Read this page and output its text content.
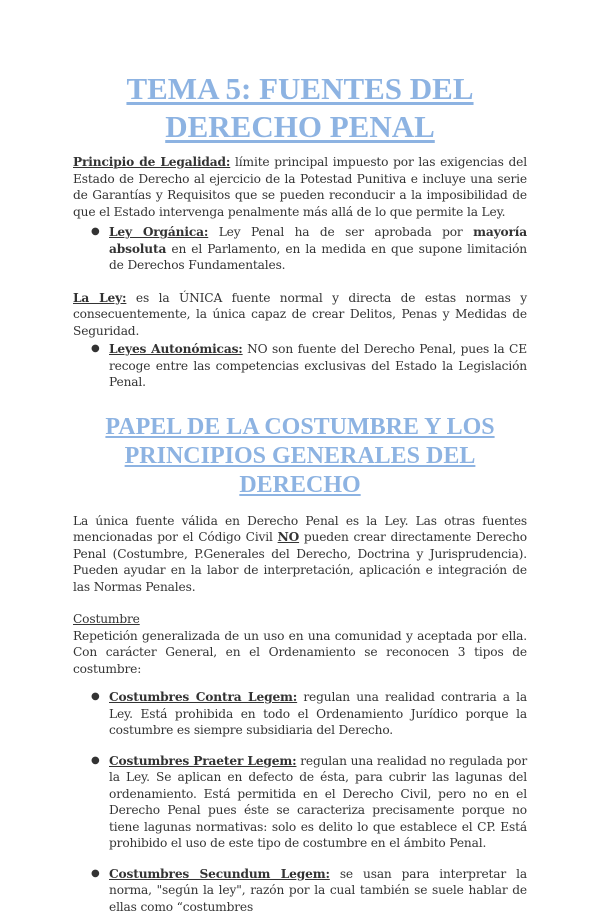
TEMA 5: FUENTES DEL DERECHO PENAL

Principio de Legalidad: límite principal impuesto por las exigencias del Estado de Derecho al ejercicio de la Potestad Punitiva e incluye una serie de Garantías y Requisitos que se pueden reconducir a la imposibilidad de que el Estado intervenga penalmente más allá de lo que permite la Ley.

● Ley Orgánica: Ley Penal ha de ser aprobada por mayoría absoluta en el Parlamento, en la medida en que supone limitación de Derechos Fundamentales.

La Ley: es la ÚNICA fuente normal y directa de estas normas y consecuentemente, la única capaz de crear Delitos, Penas y Medidas de Seguridad.

● Leyes Autonómicas: NO son fuente del Derecho Penal, pues la CE recoge entre las competencias exclusivas del Estado la Legislación Penal.
PAPEL DE LA COSTUMBRE Y LOS PRINCIPIOS GENERALES DEL DERECHO

La única fuente válida en Derecho Penal es la Ley. Las otras fuentes mencionadas por el Código Civil NO pueden crear directamente Derecho Penal (Costumbre, P.Generales del Derecho, Doctrina y Jurisprudencia). Pueden ayudar en la labor de interpretación, aplicación e integración de las Normas Penales.

Costumbre

Repetición generalizada de un uso en una comunidad y aceptada por ella. Con carácter General, en el Ordenamiento se reconocen 3 tipos de costumbre:

● Costumbres Contra Legem: regulan una realidad contraria a la Ley. Está prohibida en todo el Ordenamiento Jurídico porque la costumbre es siempre subsidiaria del Derecho.
● Costumbres Praeter Legem: regulan una realidad no regulada por la Ley. Se aplican en defecto de ésta, para cubrir las lagunas del ordenamiento. Está permitida en el Derecho Civil, pero no en el Derecho Penal pues éste se caracteriza precisamente porque no tiene lagunas normativas: solo es delito lo que establece el CP. Está prohibido el uso de este tipo de costumbre en el ámbito Penal.
● Costumbres Secundum Legem: se usan para interpretar la norma, "según la ley", razón por la cual también se suele hablar de ellas como “costumbres
